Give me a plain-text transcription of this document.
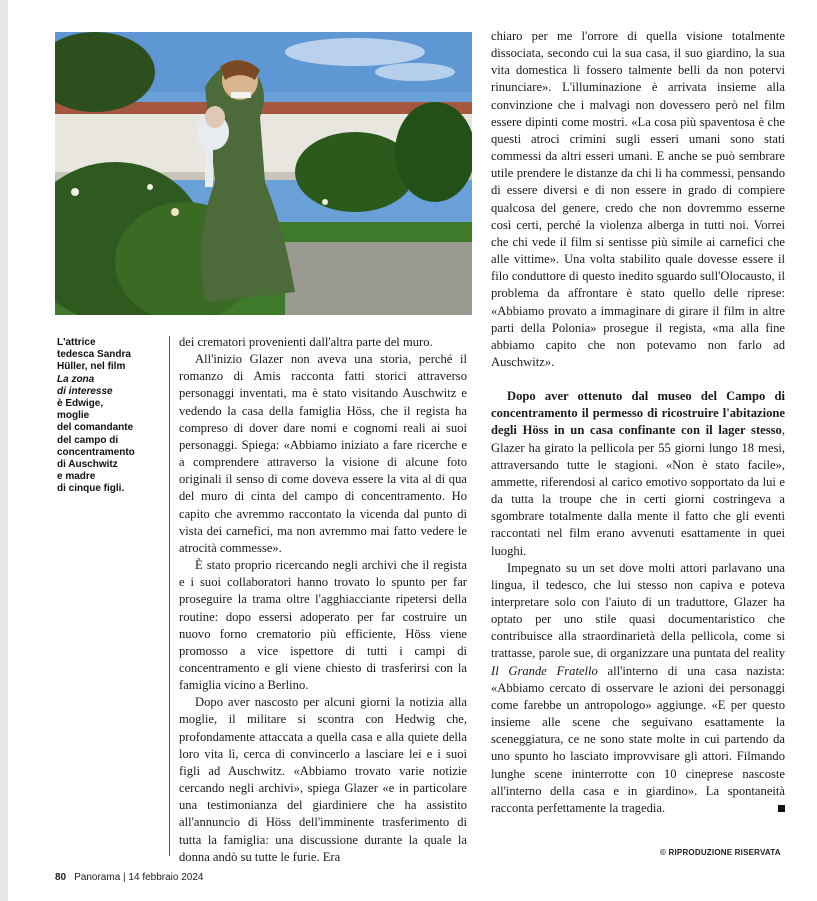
L'attrice
tedesca Sandra
Hüller, nel film
La zona
di interesse
è Edwige,
moglie
del comandante
del campo di
concentramento
di Auschwitz
e madre
di cinque figli.

dei crematori provenienti dall'altra parte del muro.

All'inizio Glazer non aveva una storia, perché il romanzo di Amis racconta fatti storici attraverso personaggi inventati, ma è stato visitando Auschwitz e vedendo la casa della famiglia Höss, che il regista ha compreso di dover dare nomi e cognomi reali ai suoi personaggi. Spiega: «Abbiamo iniziato a fare ricerche e a comprendere attraverso la visione di alcune foto originali il senso di come doveva essere la vita al di qua del muro di cinta del campo di concentramento. Ho capito che avremmo raccontato la vicenda dal punto di vista dei carnefici, ma non avremmo mai fatto vedere le atrocità commesse».

È stato proprio ricercando negli archivi che il regista e i suoi collaboratori hanno trovato lo spunto per far proseguire la trama oltre l'agghiacciante ripetersi della routine: dopo essersi adoperato per far costruire un nuovo forno crematorio più efficiente, Höss viene promosso a vice ispettore di tutti i campi di concentramento e gli viene chiesto di trasferirsi con la famiglia vicino a Berlino.

Dopo aver nascosto per alcuni giorni la notizia alla moglie, il militare si scontra con Hedwig che, profondamente attaccata a quella casa e alla quiete della loro vita lì, cerca di convincerlo a lasciare lei e i suoi figli ad Auschwitz. «Abbiamo trovato varie notizie cercando negli archivi», spiega Glazer «e in particolare una testimonianza del giardiniere che ha assistito all'annuncio di Höss dell'imminente trasferimento di tutta la famiglia: una discussione durante la quale la donna andò su tutte le furie. Era

chiaro per me l'orrore di quella visione totalmente dissociata, secondo cui la sua casa, il suo giardino, la sua vita domestica li fossero talmente belli da non potervi rinunciare». L'illuminazione è arrivata insieme alla convinzione che i malvagi non dovessero però nel film essere dipinti come mostri. «La cosa più spaventosa è che questi atroci crimini sugli esseri umani sono stati commessi da altri esseri umani. E anche se può sembrare utile prendere le distanze da chi li ha commessi, pensando di essere diversi e di non essere in grado di compiere qualcosa del genere, credo che non dovremmo esserne così certi, perché la violenza alberga in tutti noi. Vorrei che chi vede il film si sentisse più simile ai carnefici che alle vittime». Una volta stabilito quale dovesse essere il filo conduttore di questo inedito sguardo sull'Olocausto, il problema da affrontare è stato quello delle riprese: «Abbiamo provato a immaginare di girare il film in altre parti della Polonia» prosegue il regista, «ma alla fine abbiamo capito che non potevamo non farlo ad Auschwitz».

Dopo aver ottenuto dal museo del Campo di concentramento il permesso di ricostruire l'abitazione degli Höss in un casa confinante con il lager stesso, Glazer ha girato la pellicola per 55 giorni lungo 18 mesi, attraversando tutte le stagioni. «Non è stato facile», ammette, riferendosi al carico emotivo sopportato da lui e da tutta la troupe che in certi giorni costringeva a sgombrare totalmente dalla mente il fatto che gli eventi raccontati nel film erano avvenuti esattamente in quei luoghi.

Impegnato su un set dove molti attori parlavano una lingua, il tedesco, che lui stesso non capiva e poteva interpretare solo con l'aiuto di un traduttore, Glazer ha optato per uno stile quasi documentaristico che contribuisce alla straordinarietà della pellicola, come si trattasse, parole sue, di organizzare una puntata del reality Il Grande Fratello all'interno di una casa nazista: «Abbiamo cercato di osservare le azioni dei personaggi come farebbe un antropologo» aggiunge. «E per questo insieme alle scene che seguivano esattamente la sceneggiatura, ce ne sono state molte in cui partendo da uno spunto ho lasciato improvvisare gli attori. Filmando lunghe scene ininterrotte con 10 cineprese nascoste all'interno della casa e in giardino». La spontaneità racconta perfettamente la tragedia.

© RIPRODUZIONE RISERVATA
80 Panorama | 14 febbraio 2024
